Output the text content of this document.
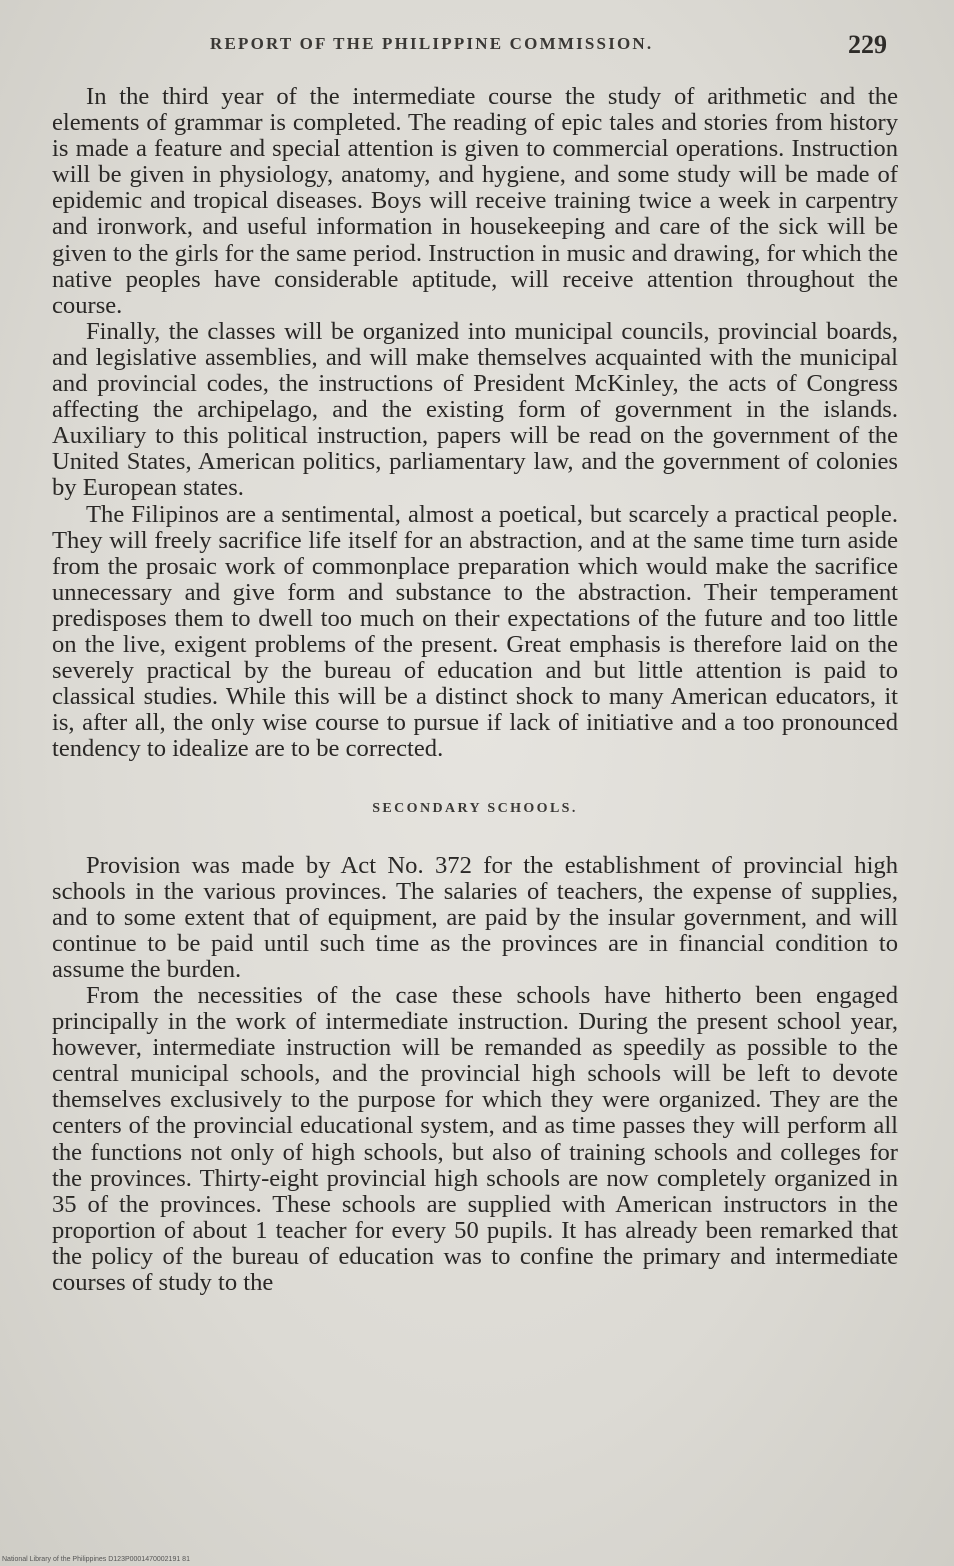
REPORT OF THE PHILIPPINE COMMISSION.	229

In the third year of the intermediate course the study of arithmetic and the elements of grammar is completed. The reading of epic tales and stories from history is made a feature and special attention is given to commercial operations. Instruction will be given in physiology, anatomy, and hygiene, and some study will be made of epidemic and tropical diseases. Boys will receive training twice a week in carpentry and ironwork, and useful information in housekeeping and care of the sick will be given to the girls for the same period. Instruction in music and drawing, for which the native peoples have considerable aptitude, will receive attention throughout the course.

Finally, the classes will be organized into municipal councils, provincial boards, and legislative assemblies, and will make themselves acquainted with the municipal and provincial codes, the instructions of President McKinley, the acts of Congress affecting the archipelago, and the existing form of government in the islands. Auxiliary to this political instruction, papers will be read on the government of the United States, American politics, parliamentary law, and the government of colonies by European states.

The Filipinos are a sentimental, almost a poetical, but scarcely a practical people. They will freely sacrifice life itself for an abstraction, and at the same time turn aside from the prosaic work of commonplace preparation which would make the sacrifice unnecessary and give form and substance to the abstraction. Their temperament predisposes them to dwell too much on their expectations of the future and too little on the live, exigent problems of the present. Great emphasis is therefore laid on the severely practical by the bureau of education and but little attention is paid to classical studies. While this will be a distinct shock to many American educators, it is, after all, the only wise course to pursue if lack of initiative and a too pronounced tendency to idealize are to be corrected.

SECONDARY SCHOOLS.

Provision was made by Act No. 372 for the establishment of provincial high schools in the various provinces. The salaries of teachers, the expense of supplies, and to some extent that of equipment, are paid by the insular government, and will continue to be paid until such time as the provinces are in financial condition to assume the burden.

From the necessities of the case these schools have hitherto been engaged principally in the work of intermediate instruction. During the present school year, however, intermediate instruction will be remanded as speedily as possible to the central municipal schools, and the provincial high schools will be left to devote themselves exclusively to the purpose for which they were organized. They are the centers of the provincial educational system, and as time passes they will perform all the functions not only of high schools, but also of training schools and colleges for the provinces. Thirty-eight provincial high schools are now completely organized in 35 of the provinces. These schools are supplied with American instructors in the proportion of about 1 teacher for every 50 pupils. It has already been remarked that the policy of the bureau of education was to confine the primary and intermediate courses of study to the

National Library of the Philippines D123P0001470002191 81
